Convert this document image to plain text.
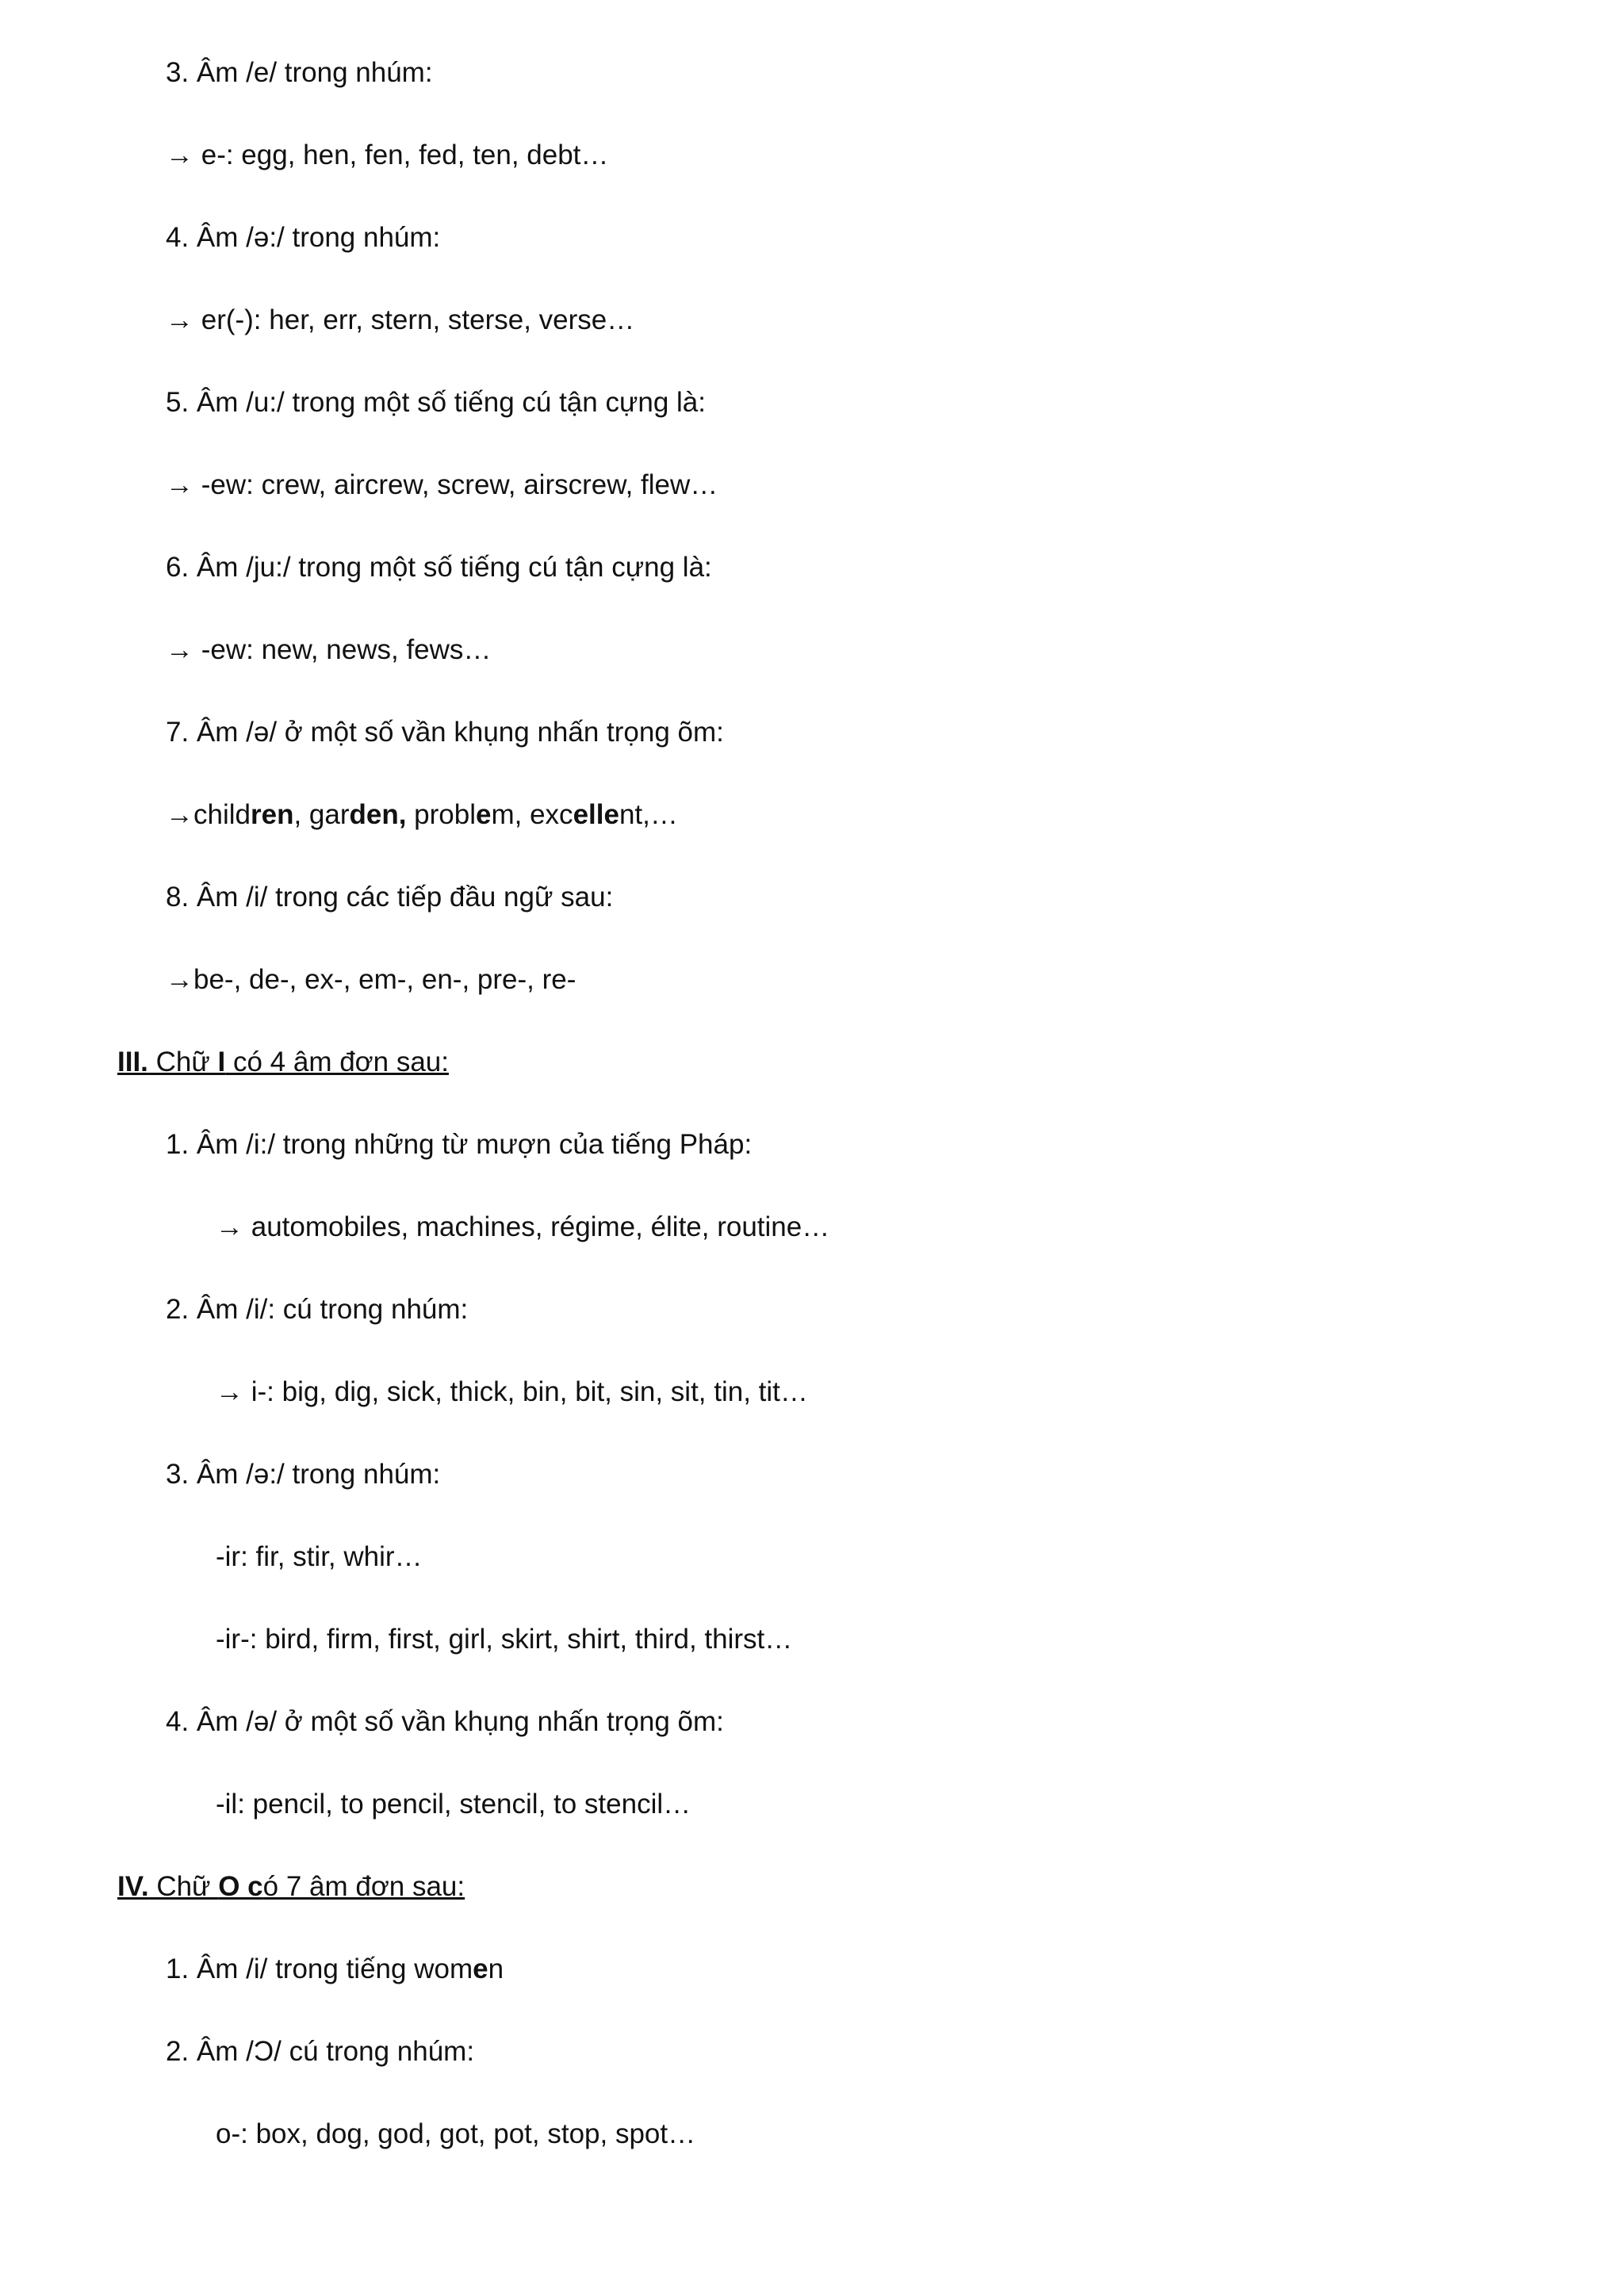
3. Âm /e/ trong nhúm:
→ e-: egg, hen, fen, fed, ten, debt…
4. Âm /ə:/ trong nhúm:
→ er(-): her, err, stern, sterse, verse…
5. Âm /u:/ trong một số tiếng cú tận cựng là:
→ -ew: crew, aircrew, screw, airscrew, flew…
6. Âm /ju:/ trong một số tiếng cú tận cựng là:
→ -ew: new, news, fews…
7. Âm /ə/ ở một số vần khụng nhấn trọng õm:
→children, garden, problem, excellent,…
8. Âm /i/ trong các tiếp đầu ngữ sau:
→be-, de-, ex-, em-, en-, pre-, re-
III. Chữ I có 4 âm đơn sau:
1. Âm /i:/ trong những từ mượn của tiếng Pháp:
→ automobiles, machines, régime, élite, routine…
2. Âm /i/: cú trong nhúm:
→ i-: big, dig, sick, thick, bin, bit, sin, sit, tin, tit…
3. Âm /ə:/ trong nhúm:
-ir: fir, stir, whir…
-ir-: bird, firm, first, girl, skirt, shirt, third, thirst…
4. Âm /ə/ ở một số vần khụng nhấn trọng õm:
-il: pencil, to pencil, stencil, to stencil…
IV. Chữ O có 7 âm đơn sau:
1. Âm /i/ trong tiếng women
2. Âm /Ɔ/ cú trong nhúm:
o-: box, dog, god, got, pot, stop, spot…
